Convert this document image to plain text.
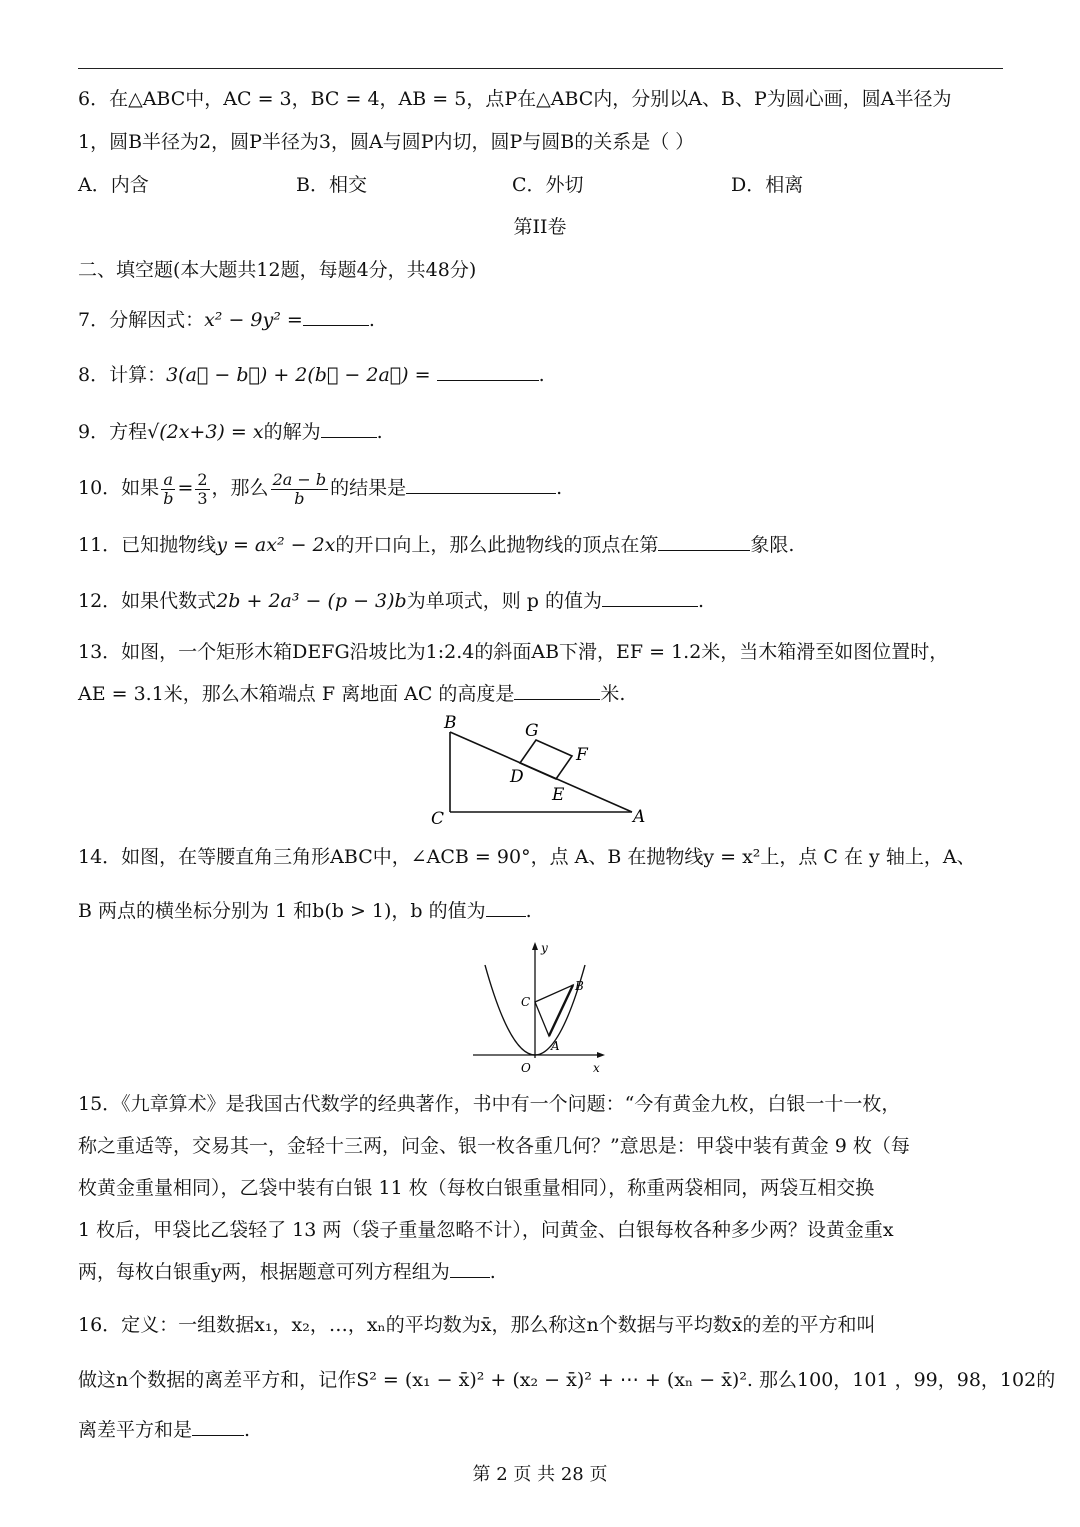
6．在△ABC中，AC = 3，BC = 4，AB = 5，点P在△ABC内，分别以A、B、P为圆心画，圆A半径为
1，圆B半径为2，圆P半径为3，圆A与圆P内切，圆P与圆B的关系是（ ）
A．内含	B．相交	C．外切	D．相离
第II卷
二、填空题(本大题共12题，每题4分，共48分)
7．分解因式：x² − 9y² =	.
8．计算：3(a⃗ − b⃗) + 2(b⃗ − 2a⃗) =	.
9．方程√(2x+3) = x的解为	.
10．如果 $\frac{a}{b} = \frac{2}{3}$ ，那么 $\frac{2a - b}{b}$ 的结果是	.
11．已知抛物线y = ax² − 2x的开口向上，那么此抛物线的顶点在第	象限.
12．如果代数式2b + 2a³ − (p − 3)b为单项式，则 p 的值为	.
13．如图，一个矩形木箱DEFG沿坡比为1:2.4的斜面AB下滑，EF = 1.2米，当木箱滑至如图位置时，
AE = 3.1米，那么木箱端点 F 离地面 AC 的高度是	米.
B	G
F
D
E
C	A
14．如图，在等腰直角三角形ABC中，∠ACB = 90°，点 A、B 在抛物线y = x²上，点 C 在 y 轴上，A、
B 两点的横坐标分别为 1 和b(b > 1)，b 的值为 .
y
x
O
A
B
C
15．《九章算术》是我国古代数学的经典著作，书中有一个问题：“今有黄金九枚，白银一十一枚，
称之重适等，交易其一，金轻十三两，问金、银一枚各重几何？”意思是：甲袋中装有黄金 9 枚（每
枚黄金重量相同），乙袋中装有白银 11 枚（每枚白银重量相同），称重两袋相同，两袋互相交换
1 枚后，甲袋比乙袋轻了 13 两（袋子重量忽略不计），问黄金、白银每枚各种多少两？设黄金重x
两，每枚白银重y两，根据题意可列方程组为 .
16．定义：一组数据x₁，x₂，…，xₙ的平均数为x̄，那么称这n个数据与平均数x̄的差的平方和叫
做这n个数据的离差平方和，记作S² = (x₁ − x̄)² + (x₂ − x̄)² + ⋯ + (xₙ − x̄)². 那么100，101 ，99，98，102的
离差平方和是	.
第 2 页 共 28 页
